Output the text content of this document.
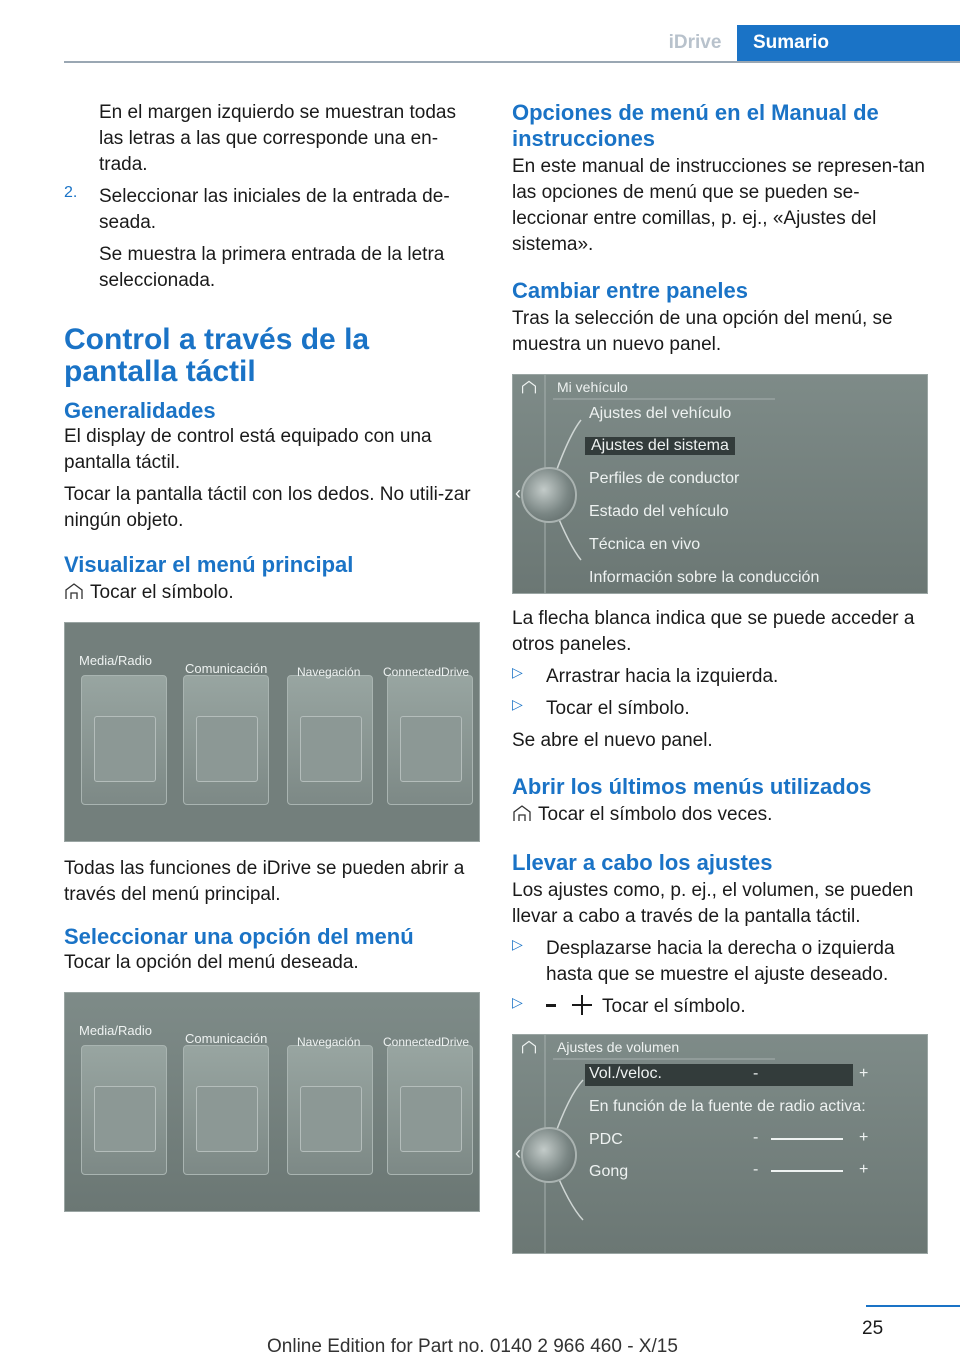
iDrive	Sumario

En el margen izquierdo se muestran todas las letras a las que corresponde una en‐trada.

2. Seleccionar las iniciales de la entrada de‐seada.

Se muestra la primera entrada de la letra seleccionada.

Control a través de la pantalla táctil
Generalidades

El display de control está equipado con una pantalla táctil.

Tocar la pantalla táctil con los dedos. No utili‐zar ningún objeto.

Visualizar el menú principal

Tocar el símbolo.

Media/Radio
Comunicación Navegación ConnectedDrive

Todas las funciones de iDrive se pueden abrir a través del menú principal.

Seleccionar una opción del menú

Tocar la opción del menú deseada.

Media/Radio
Comunicación Navegación ConnectedDrive
Opciones de menú en el Manual de instrucciones

En este manual de instrucciones se represen‐tan las opciones de menú que se pueden se‐leccionar entre comillas, p. ej., «Ajustes del sistema».

Cambiar entre paneles

Tras la selección de una opción del menú, se muestra un nuevo panel.

Mi vehículo
‹
Ajustes del vehículo
Ajustes del sistema
Perfiles de conductor
Estado del vehículo
Técnica en vivo
Información sobre la conducción

La flecha blanca indica que se puede acceder a otros paneles.

▷ Arrastrar hacia la izquierda.

▷ Tocar el símbolo.

Se abre el nuevo panel.

Abrir los últimos menús utilizados

Tocar el símbolo dos veces.

Llevar a cabo los ajustes

Los ajustes como, p. ej., el volumen, se pueden llevar a cabo a través de la pantalla táctil.

▷ Desplazarse hacia la derecha o izquierda hasta que se muestre el ajuste deseado.

▷	Tocar el símbolo.

Ajustes de volumen
‹
Vol./veloc.	-	+
En función de la fuente de radio activa:
PDC	-	+
Gong	-	+
25
Online Edition for Part no. 0140 2 966 460 - X/15
